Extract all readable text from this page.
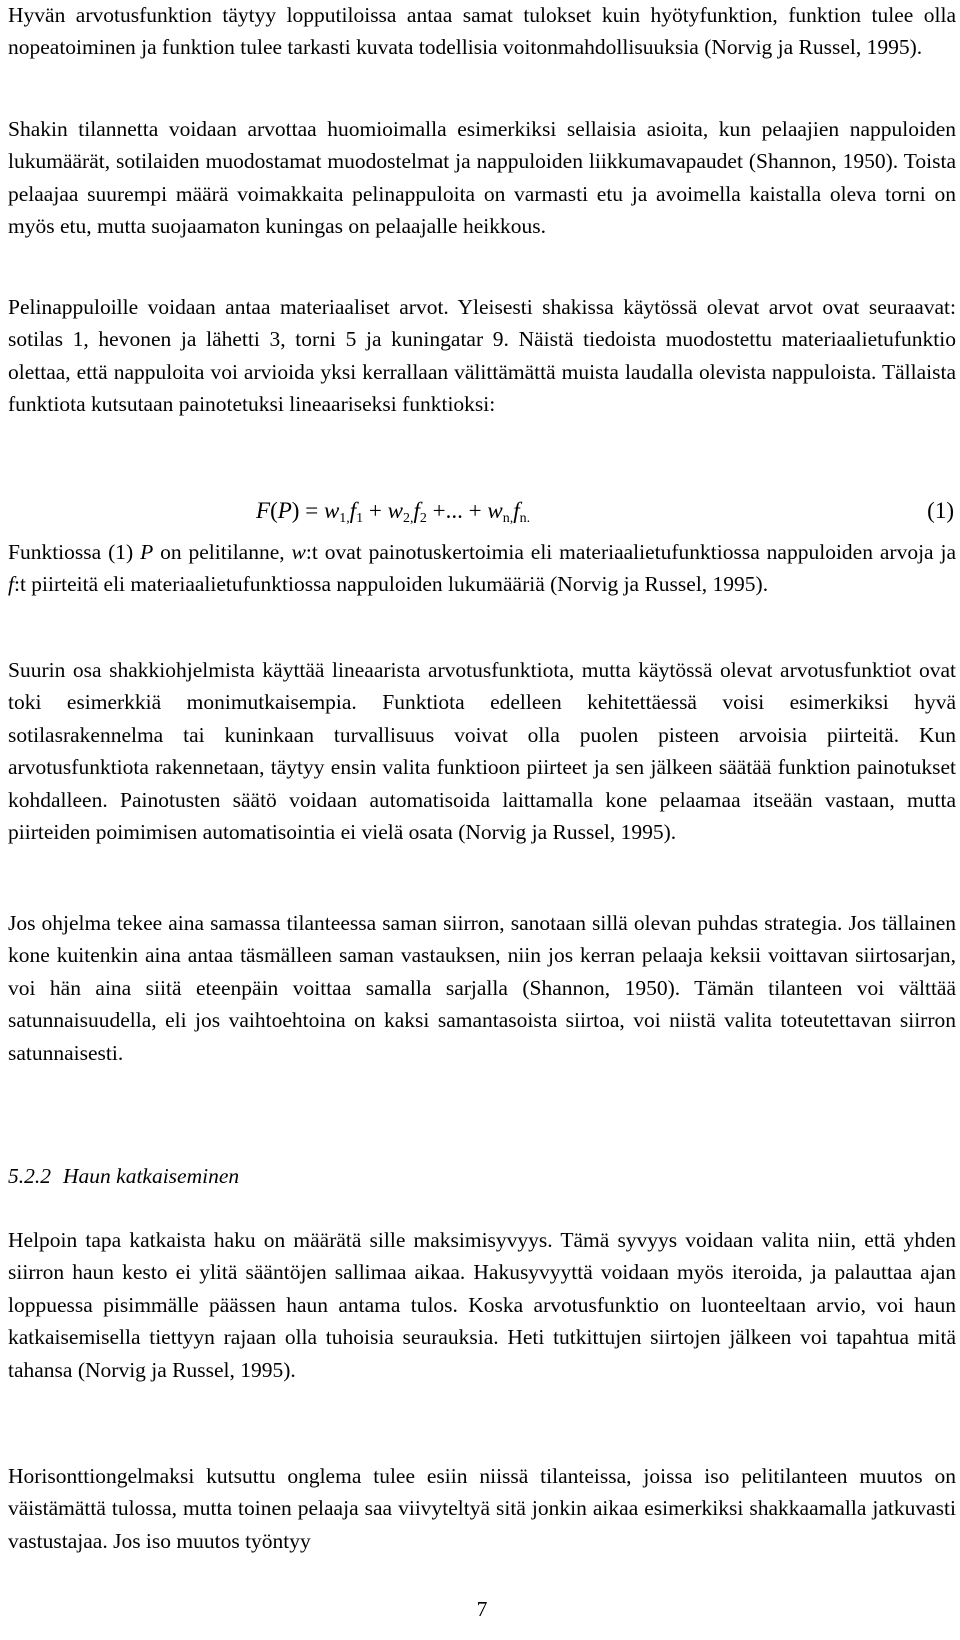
Hyvän arvotusfunktion täytyy lopputiloissa antaa samat tulokset kuin hyötyfunktion, funktion tulee olla nopeatoiminen ja funktion tulee tarkasti kuvata todellisia voitonmahdollisuuksia (Norvig ja Russel, 1995).

Shakin tilannetta voidaan arvottaa huomioimalla esimerkiksi sellaisia asioita, kun pelaajien nappuloiden lukumäärät, sotilaiden muodostamat muodostelmat ja nappuloiden liikkumavapaudet (Shannon, 1950). Toista pelaajaa suurempi määrä voimakkaita pelinappuloita on varmasti etu ja avoimella kaistalla oleva torni on myös etu, mutta suojaamaton kuningas on pelaajalle heikkous.

Pelinappuloille voidaan antaa materiaaliset arvot. Yleisesti shakissa käytössä olevat arvot ovat seuraavat: sotilas 1, hevonen ja lähetti 3, torni 5 ja kuningatar 9. Näistä tiedoista muodostettu materiaalietufunktio olettaa, että nappuloita voi arvioida yksi kerrallaan välittämättä muista laudalla olevista nappuloista. Tällaista funktiota kutsutaan painotetuksi lineaariseksi funktioksi:

$F(P) = w_{1,}f_1 + w_{2,}f_2$ +... + $w_{n,}f_{n.}$	(1)

Funktiossa (1) P on pelitilanne, w:t ovat painotuskertoimia eli materiaalietufunktiossa nappuloiden arvoja ja f:t piirteitä eli materiaalietufunktiossa nappuloiden lukumääriä (Norvig ja Russel, 1995).

Suurin osa shakkiohjelmista käyttää lineaarista arvotusfunktiota, mutta käytössä olevat arvotusfunktiot ovat toki esimerkkiä monimutkaisempia. Funktiota edelleen kehitettäessä voisi esimerkiksi hyvä sotilasrakennelma tai kuninkaan turvallisuus voivat olla puolen pisteen arvoisia piirteitä. Kun arvotusfunktiota rakennetaan, täytyy ensin valita funktioon piirteet ja sen jälkeen säätää funktion painotukset kohdalleen. Painotusten säätö voidaan automatisoida laittamalla kone pelaamaa itseään vastaan, mutta piirteiden poimimisen automatisointia ei vielä osata (Norvig ja Russel, 1995).

Jos ohjelma tekee aina samassa tilanteessa saman siirron, sanotaan sillä olevan puhdas strategia. Jos tällainen kone kuitenkin aina antaa täsmälleen saman vastauksen, niin jos kerran pelaaja keksii voittavan siirtosarjan, voi hän aina siitä eteenpäin voittaa samalla sarjalla (Shannon, 1950). Tämän tilanteen voi välttää satunnaisuudella, eli jos vaihtoehtoina on kaksi samantasoista siirtoa, voi niistä valita toteutettavan siirron satunnaisesti.

5.2.2 Haun katkaiseminen

Helpoin tapa katkaista haku on määrätä sille maksimisyvyys. Tämä syvyys voidaan valita niin, että yhden siirron haun kesto ei ylitä sääntöjen sallimaa aikaa. Hakusyvyyttä voidaan myös iteroida, ja palauttaa ajan loppuessa pisimmälle päässen haun antama tulos. Koska arvotusfunktio on luonteeltaan arvio, voi haun katkaisemisella tiettyyn rajaan olla tuhoisia seurauksia. Heti tutkittujen siirtojen jälkeen voi tapahtua mitä tahansa (Norvig ja Russel, 1995).

Horisonttiongelmaksi kutsuttu onglema tulee esiin niissä tilanteissa, joissa iso pelitilanteen muutos on väistämättä tulossa, mutta toinen pelaaja saa viivyteltyä sitä jonkin aikaa esimerkiksi shakkaamalla jatkuvasti vastustajaa. Jos iso muutos työntyy

7
